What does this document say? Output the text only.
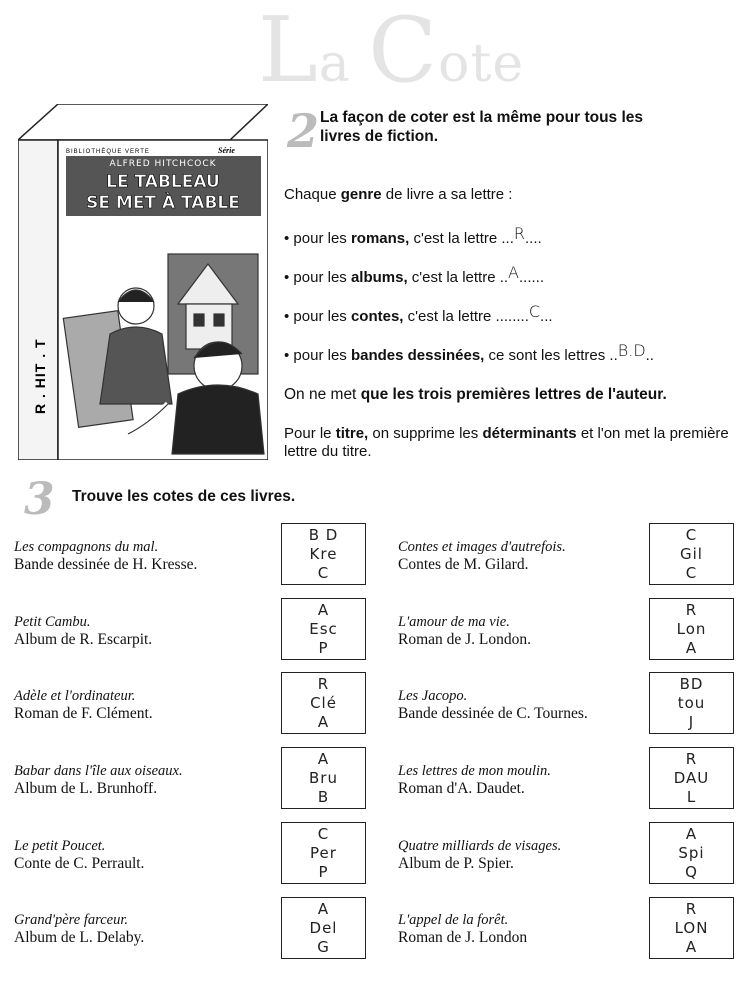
La Cote
BIBLIOTHÈQUE VERTE	Série
ALFRED HITCHCOCK
LE TABLEAU
SE MET À TABLE
R . HIT . T
2 La façon de coter est la même pour tous les livres de fiction.
Chaque genre de livre a sa lettre :
• pour les romans, c'est la lettre ...R....
• pour les albums, c'est la lettre ..A......
• pour les contes, c'est la lettre ........C...
• pour les bandes dessinées, ce sont les lettres ..B.D..
On ne met que les trois premières lettres de l'auteur.
Pour le titre, on supprime les déterminants et l'on met la première lettre du titre.
3 Trouve les cotes de ces livres.
Les compagnons du mal.
Bande dessinée de H. Kresse.
B D
Kre
C
Petit Cambu.
Album de R. Escarpit.
A
Esc
P
Adèle et l'ordinateur.
Roman de F. Clément.
R
Clé
A
Babar dans l'île aux oiseaux.
Album de L. Brunhoff.
A
Bru
B
Le petit Poucet.
Conte de C. Perrault.
C
Per
P
Grand'père farceur.
Album de L. Delaby.
A
Del
G
Contes et images d'autrefois.
Contes de M. Gilard.
C
Gil
C
L'amour de ma vie.
Roman de J. London.
R
Lon
A
Les Jacopo.
Bande dessinée de C. Tournes.
BD
tou
J
Les lettres de mon moulin.
Roman d'A. Daudet.
R
DAU
L
Quatre milliards de visages.
Album de P. Spier.
A
Spi
Q
L'appel de la forêt.
Roman de J. London
R
LON
A
